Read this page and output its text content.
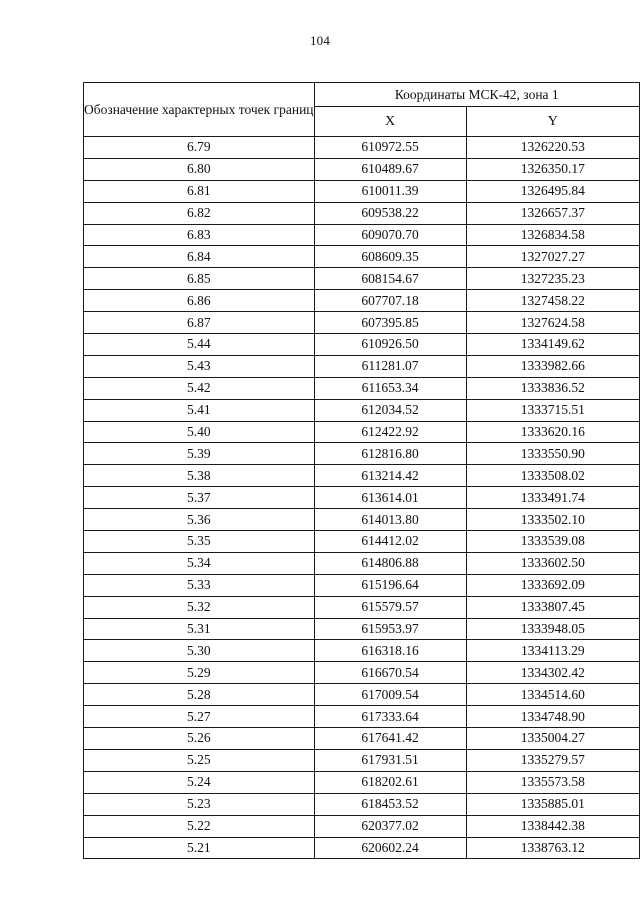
104
Обозначение характерных точек границ	Координаты МСК-42, зона 1	
	X	Y
6.79	610972.55	1326220.53
6.80	610489.67	1326350.17
6.81	610011.39	1326495.84
6.82	609538.22	1326657.37
6.83	609070.70	1326834.58
6.84	608609.35	1327027.27
6.85	608154.67	1327235.23
6.86	607707.18	1327458.22
6.87	607395.85	1327624.58
5.44	610926.50	1334149.62
5.43	611281.07	1333982.66
5.42	611653.34	1333836.52
5.41	612034.52	1333715.51
5.40	612422.92	1333620.16
5.39	612816.80	1333550.90
5.38	613214.42	1333508.02
5.37	613614.01	1333491.74
5.36	614013.80	1333502.10
5.35	614412.02	1333539.08
5.34	614806.88	1333602.50
5.33	615196.64	1333692.09
5.32	615579.57	1333807.45
5.31	615953.97	1333948.05
5.30	616318.16	1334113.29
5.29	616670.54	1334302.42
5.28	617009.54	1334514.60
5.27	617333.64	1334748.90
5.26	617641.42	1335004.27
5.25	617931.51	1335279.57
5.24	618202.61	1335573.58
5.23	618453.52	1335885.01
5.22	620377.02	1338442.38
5.21	620602.24	1338763.12
